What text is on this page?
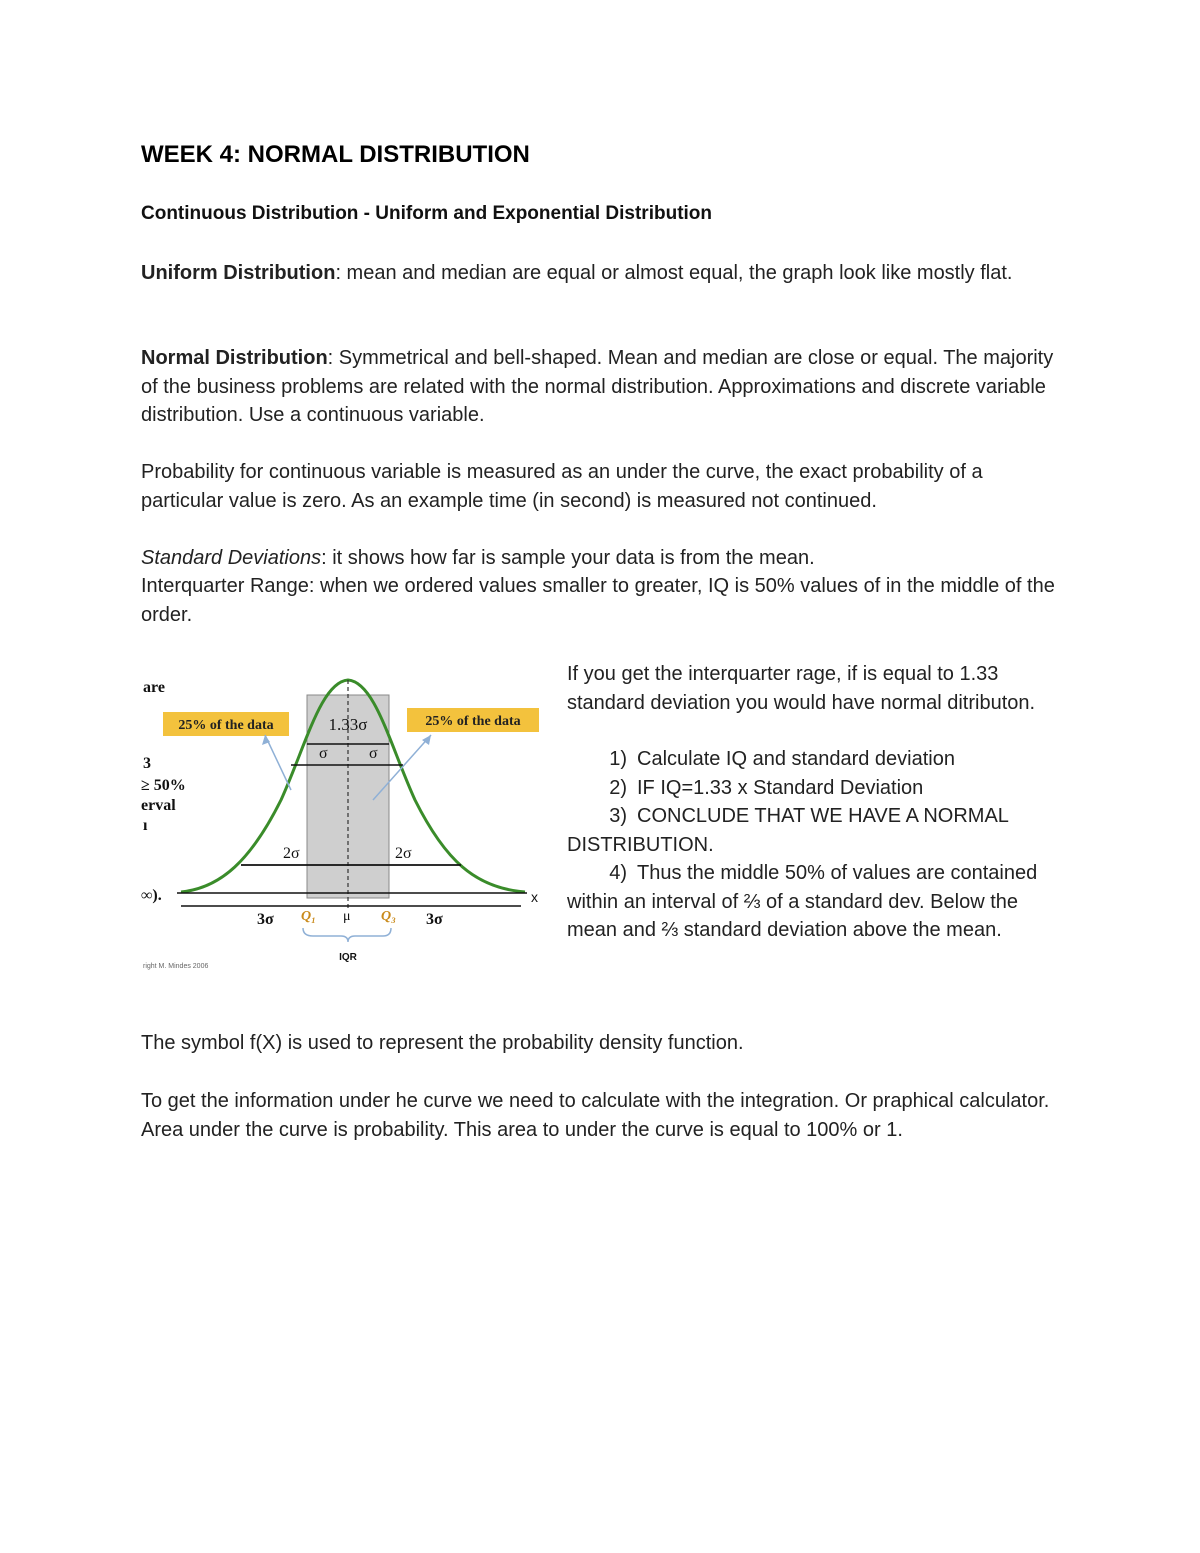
WEEK 4: NORMAL DISTRIBUTION
Continuous Distribution - Uniform and Exponential Distribution
Uniform Distribution: mean and median are equal or almost equal, the graph look like mostly flat.
Normal Distribution: Symmetrical and bell-shaped. Mean and median are close or equal. The majority of the business problems are related with the normal distribution. Approximations and discrete variable distribution. Use a continuous variable.
Probability for continuous variable is measured as an under the curve, the exact probability of a particular value is zero. As an example time (in second) is measured not continued.
Standard Deviations: it shows how far is sample your data is from the mean.
Interquarter Range: when we ordered values smaller to greater, IQ is 50% values of in the middle of the order.
are
3
≥ 50%
erval
ı
∞).	x
25% of the data	25% of the data
1.33σ
σ	σ
2σ	2σ
3σ	3σ
Q₁ μ Q₃
IQR
right M. Mindes 2006

If you get the interquarter rage, if is equal to 1.33 standard deviation you would have normal ditributon.

1) Calculate IQ and standard deviation
2) IF IQ=1.33 x Standard Deviation
3) CONCLUDE THAT WE HAVE A NORMAL DISTRIBUTION.
4) Thus the middle 50% of values are contained within an interval of ⅔ of a standard dev. Below the mean and ⅔ standard deviation above the mean.
The symbol f(X) is used to represent the probability density function.
To get the information under he curve we need to calculate with the integration. Or praphical calculator. Area under the curve is probability. This area to under the curve is equal to 100% or 1.
